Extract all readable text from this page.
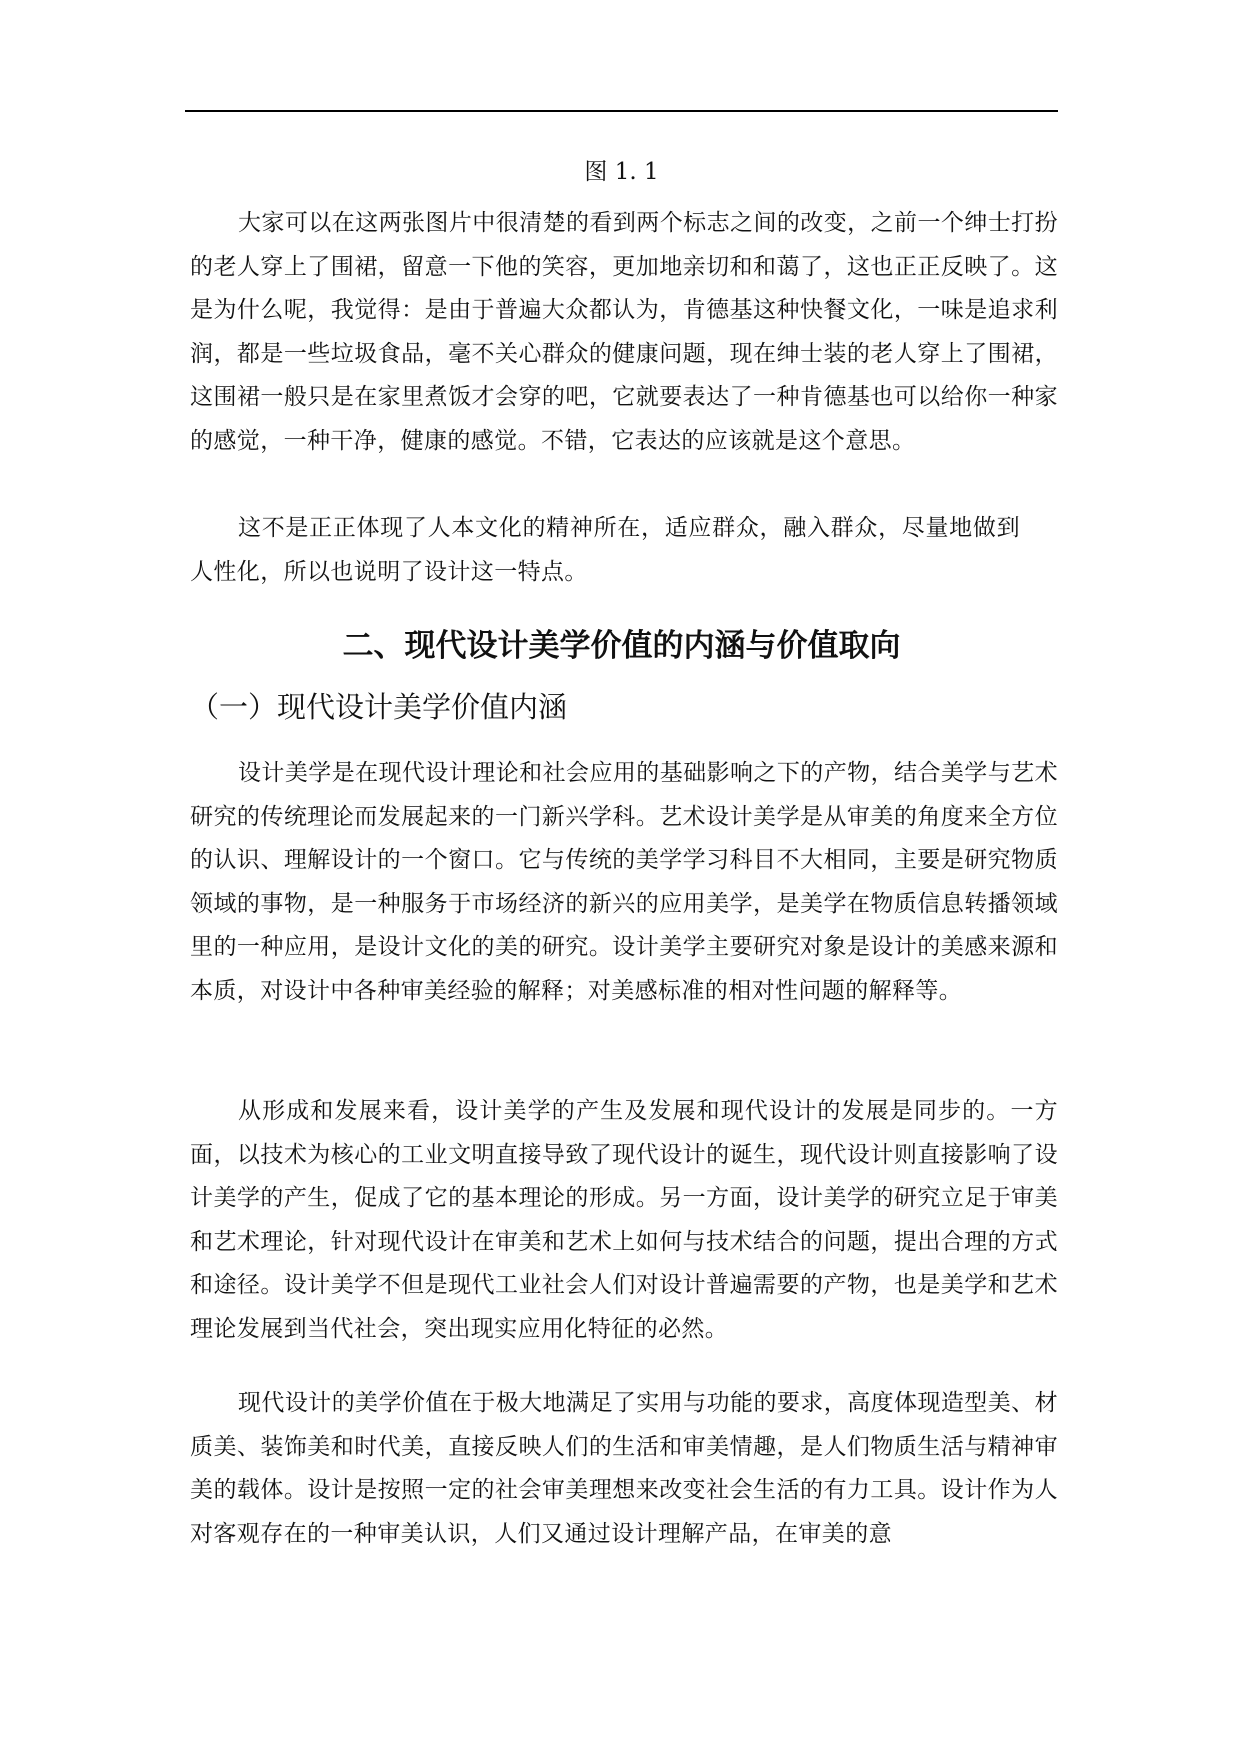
图 1. 1

大家可以在这两张图片中很清楚的看到两个标志之间的改变，之前一个绅士打扮的老人穿上了围裙，留意一下他的笑容，更加地亲切和和蔼了，这也正正反映了。这是为什么呢，我觉得：是由于普遍大众都认为，肯德基这种快餐文化，一味是追求利润，都是一些垃圾食品，毫不关心群众的健康问题，现在绅士装的老人穿上了围裙，这围裙一般只是在家里煮饭才会穿的吧，它就要表达了一种肯德基也可以给你一种家的感觉，一种干净，健康的感觉。不错，它表达的应该就是这个意思。

这不是正正体现了人本文化的精神所在，适应群众，融入群众，尽量地做到人性化，所以也说明了设计这一特点。

二、现代设计美学价值的内涵与价值取向
（一）现代设计美学价值内涵

设计美学是在现代设计理论和社会应用的基础影响之下的产物，结合美学与艺术研究的传统理论而发展起来的一门新兴学科。艺术设计美学是从审美的角度来全方位的认识、理解设计的一个窗口。它与传统的美学学习科目不大相同，主要是研究物质领域的事物，是一种服务于市场经济的新兴的应用美学，是美学在物质信息转播领域里的一种应用，是设计文化的美的研究。设计美学主要研究对象是设计的美感来源和本质，对设计中各种审美经验的解释；对美感标准的相对性问题的解释等。

从形成和发展来看，设计美学的产生及发展和现代设计的发展是同步的。一方面，以技术为核心的工业文明直接导致了现代设计的诞生，现代设计则直接影响了设计美学的产生，促成了它的基本理论的形成。另一方面，设计美学的研究立足于审美和艺术理论，针对现代设计在审美和艺术上如何与技术结合的问题，提出合理的方式和途径。设计美学不但是现代工业社会人们对设计普遍需要的产物，也是美学和艺术理论发展到当代社会，突出现实应用化特征的必然。

现代设计的美学价值在于极大地满足了实用与功能的要求，高度体现造型美、材质美、装饰美和时代美，直接反映人们的生活和审美情趣，是人们物质生活与精神审美的载体。设计是按照一定的社会审美理想来改变社会生活的有力工具。设计作为人对客观存在的一种审美认识，人们又通过设计理解产品，在审美的意
